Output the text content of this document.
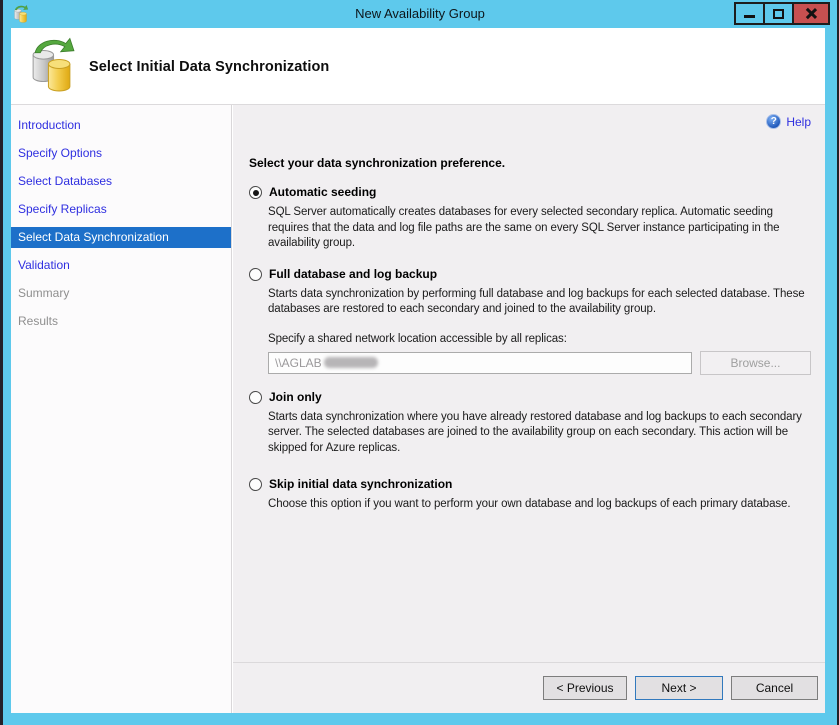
New Availability Group
Select Initial Data Synchronization
Introduction
Specify Options
Select Databases
Specify Replicas
Select Data Synchronization
Validation
Summary
Results
? Help
Select your data synchronization preference.
Automatic seeding
SQL Server automatically creates databases for every selected secondary replica. Automatic seeding requires that the data and log file paths are the same on every SQL Server instance participating in the availability group.
Full database and log backup
Starts data synchronization by performing full database and log backups for each selected database. These databases are restored to each secondary and joined to the availability group.
Specify a shared network location accessible by all replicas:
\\AGLAB	Browse...
Join only
Starts data synchronization where you have already restored database and log backups to each secondary server. The selected databases are joined to the availability group on each secondary. This action will be skipped for Azure replicas.
Skip initial data synchronization
Choose this option if you want to perform your own database and log backups of each primary database.
< Previous	Next >	Cancel
